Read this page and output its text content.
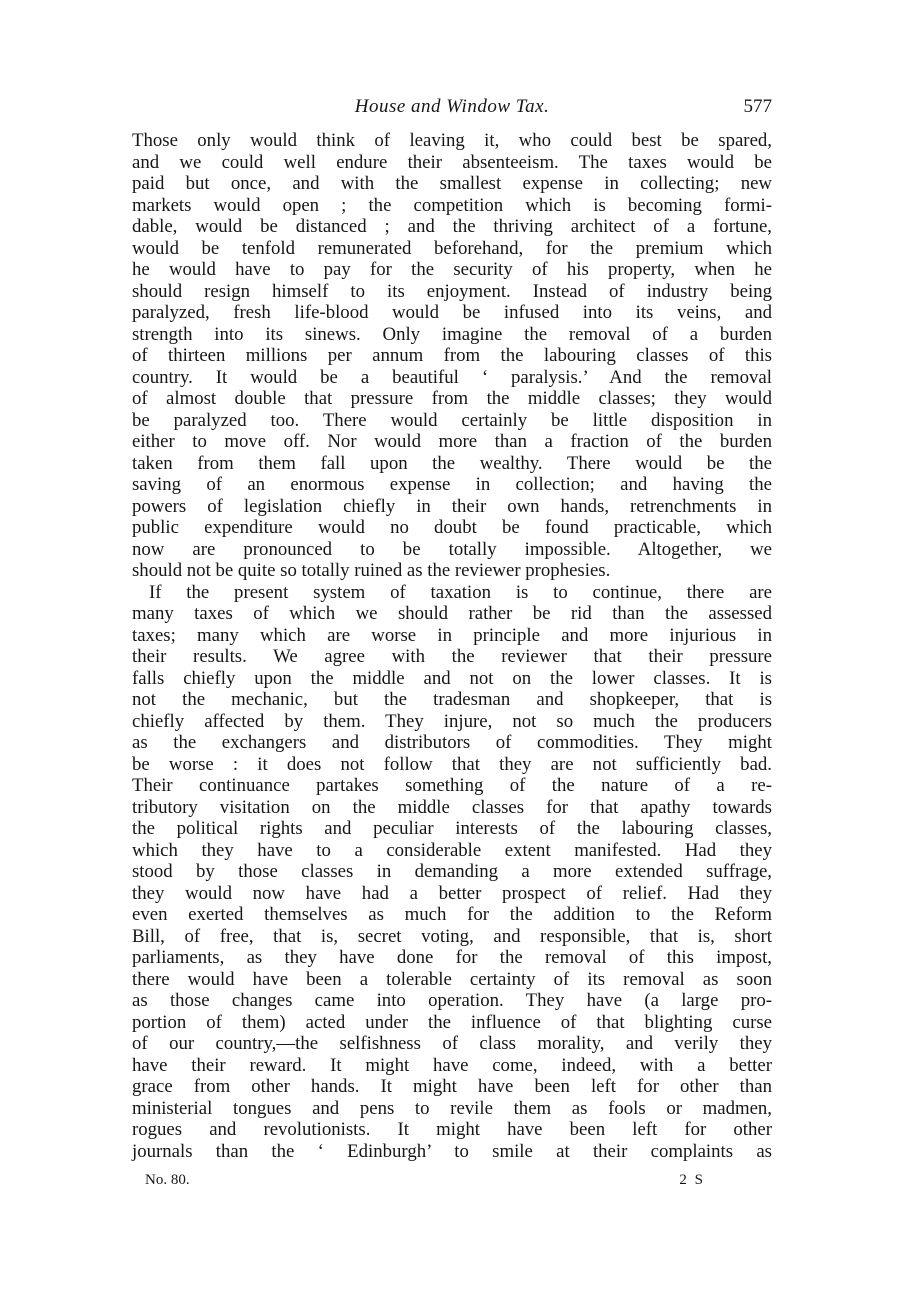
House and Window Tax.	577
Those only would think of leaving it, who could best be spared,
and we could well endure their absenteeism. The taxes would be
paid but once, and with the smallest expense in collecting; new
markets would open ; the competition which is becoming formi-
dable, would be distanced ; and the thriving architect of a fortune,
would be tenfold remunerated beforehand, for the premium which
he would have to pay for the security of his property, when he
should resign himself to its enjoyment. Instead of industry being
paralyzed, fresh life-blood would be infused into its veins, and
strength into its sinews. Only imagine the removal of a burden
of thirteen millions per annum from the labouring classes of this
country. It would be a beautiful ‘ paralysis.’ And the removal
of almost double that pressure from the middle classes; they would
be paralyzed too. There would certainly be little disposition in
either to move off. Nor would more than a fraction of the burden
taken from them fall upon the wealthy. There would be the
saving of an enormous expense in collection; and having the
powers of legislation chiefly in their own hands, retrenchments in
public expenditure would no doubt be found practicable, which
now are pronounced to be totally impossible. Altogether, we
should not be quite so totally ruined as the reviewer prophesies.
If the present system of taxation is to continue, there are
many taxes of which we should rather be rid than the assessed
taxes; many which are worse in principle and more injurious in
their results. We agree with the reviewer that their pressure
falls chiefly upon the middle and not on the lower classes. It is
not the mechanic, but the tradesman and shopkeeper, that is
chiefly affected by them. They injure, not so much the producers
as the exchangers and distributors of commodities. They might
be worse : it does not follow that they are not sufficiently bad.
Their continuance partakes something of the nature of a re-
tributory visitation on the middle classes for that apathy towards
the political rights and peculiar interests of the labouring classes,
which they have to a considerable extent manifested. Had they
stood by those classes in demanding a more extended suffrage,
they would now have had a better prospect of relief. Had they
even exerted themselves as much for the addition to the Reform
Bill, of free, that is, secret voting, and responsible, that is, short
parliaments, as they have done for the removal of this impost,
there would have been a tolerable certainty of its removal as soon
as those changes came into operation. They have (a large pro-
portion of them) acted under the influence of that blighting curse
of our country,—the selfishness of class morality, and verily they
have their reward. It might have come, indeed, with a better
grace from other hands. It might have been left for other than
ministerial tongues and pens to revile them as fools or madmen,
rogues and revolutionists. It might have been left for other
journals than the ‘ Edinburgh’ to smile at their complaints as
No. 80.	2 S
